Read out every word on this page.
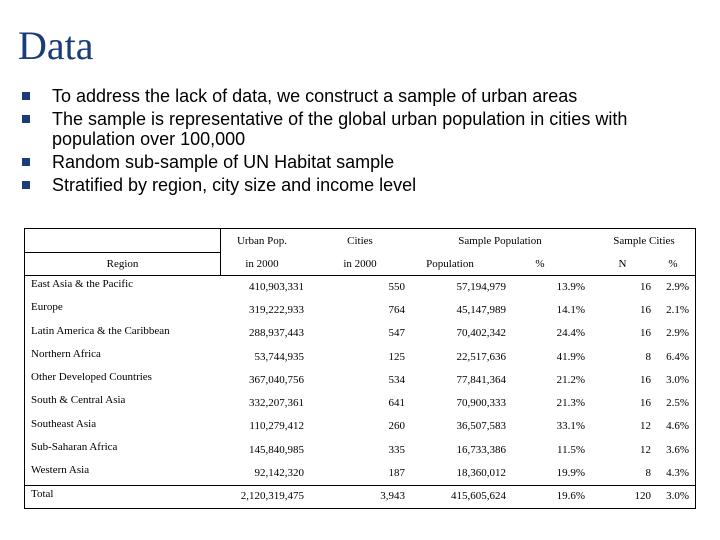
Data
To address the lack of data, we construct a sample of urban areas
The sample is representative of the global urban population in cities with population over 100,000
Random sub-sample of UN Habitat sample
Stratified by region, city size and income level
Urban Pop.	Cities	Sample Population	Sample Cities
Region	in 2000	in 2000	Population	%	N	%
East Asia & the Pacific	410,903,331	550	57,194,979	13.9%	16	2.9%
Europe	319,222,933	764	45,147,989	14.1%	16	2.1%
Latin America & the Caribbean	288,937,443	547	70,402,342	24.4%	16	2.9%
Northern Africa	53,744,935	125	22,517,636	41.9%	8	6.4%
Other Developed Countries	367,040,756	534	77,841,364	21.2%	16	3.0%
South & Central Asia	332,207,361	641	70,900,333	21.3%	16	2.5%
Southeast Asia	110,279,412	260	36,507,583	33.1%	12	4.6%
Sub-Saharan Africa	145,840,985	335	16,733,386	11.5%	12	3.6%
Western Asia	92,142,320	187	18,360,012	19.9%	8	4.3%
Total	2,120,319,475	3,943	415,605,624	19.6%	120	3.0%
